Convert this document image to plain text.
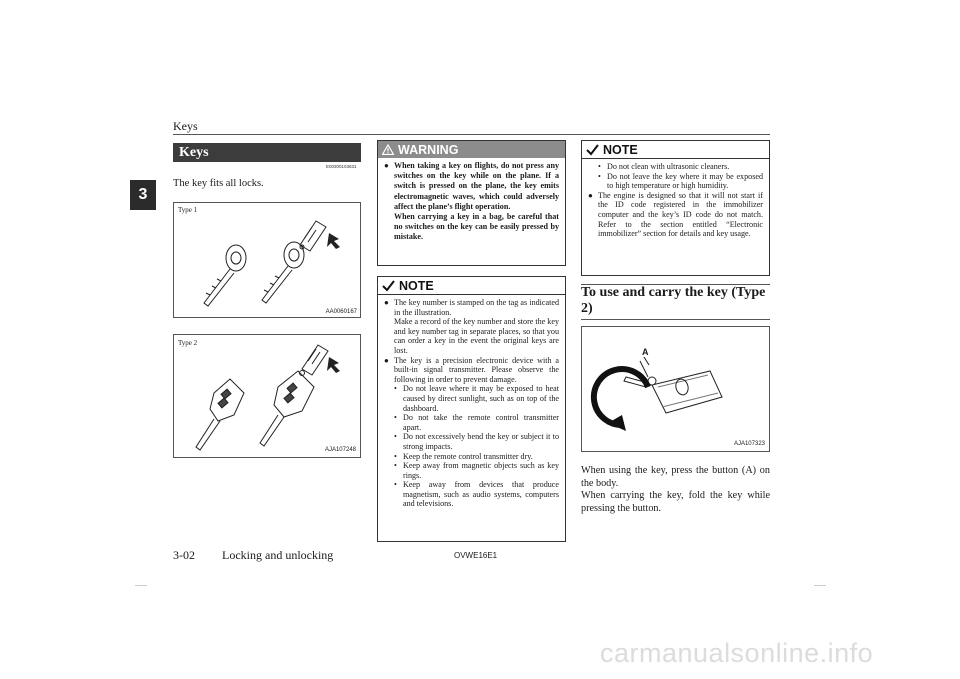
Keys
3
Keys
E00300103631
The key fits all locks.
Type 1
AA0060167
Type 2
AJA107248
WARNING
● When taking a key on flights, do not press any switches on the key while on the plane. If a switch is pressed on the plane, the key emits electromagnetic waves, which could adversely affect the plane’s flight operation.
When carrying a key in a bag, be careful that no switches on the key can be easily pressed by mistake.
NOTE
● The key number is stamped on the tag as indicated in the illustration.
Make a record of the key number and store the key and key number tag in separate places, so that you can order a key in the event the original keys are lost.
● The key is a precision electronic device with a built-in signal transmitter. Please observe the following in order to prevent damage.
• Do not leave where it may be exposed to heat caused by direct sunlight, such as on top of the dashboard.
• Do not take the remote control transmitter apart.
• Do not excessively bend the key or subject it to strong impacts.
• Keep the remote control transmitter dry.
• Keep away from magnetic objects such as key rings.
• Keep away from devices that produce magnetism, such as audio systems, computers and televisions.
NOTE
• Do not clean with ultrasonic cleaners.
• Do not leave the key where it may be exposed to high temperature or high humidity.
● The engine is designed so that it will not start if the ID code registered in the immobilizer computer and the key’s ID code do not match. Refer to the section entitled “Electronic immobilizer” section for details and key usage.
To use and carry the key (Type 2)
A
AJA107323
When using the key, press the button (A) on the body.
When carrying the key, fold the key while pressing the button.
3-02 Locking and unlocking	OVWE16E1
carmanualsonline.info
